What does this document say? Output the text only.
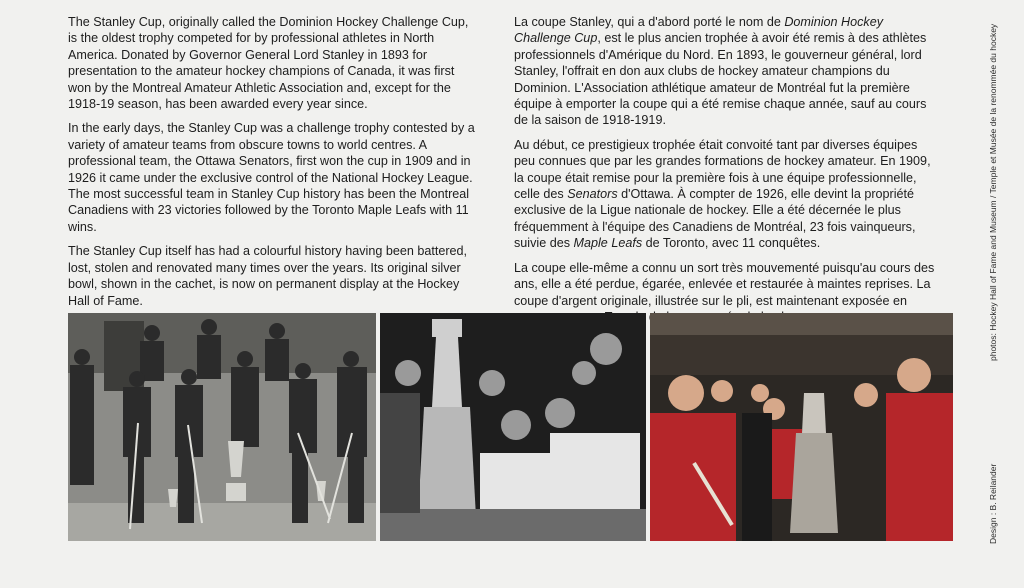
The Stanley Cup, originally called the Dominion Hockey Challenge Cup, is the oldest trophy competed for by professional athletes in North America. Donated by Governor General Lord Stanley in 1893 for presentation to the amateur hockey champions of Canada, it was first won by the Montreal Amateur Athletic Association and, except for the 1918-19 season, has been awarded every year since.

In the early days, the Stanley Cup was a challenge trophy contested by a variety of amateur teams from obscure towns to world centres. A professional team, the Ottawa Senators, first won the cup in 1909 and in 1926 it came under the exclusive control of the National Hockey League. The most successful team in Stanley Cup history has been the Montreal Canadiens with 23 victories followed by the Toronto Maple Leafs with 11 wins.

The Stanley Cup itself has had a colourful history having been battered, lost, stolen and renovated many times over the years. Its original silver bowl, shown in the cachet, is now on permanent display at the Hockey Hall of Fame.

La coupe Stanley, qui a d'abord porté le nom de Dominion Hockey Challenge Cup, est le plus ancien trophée à avoir été remis à des athlètes professionnels d'Amérique du Nord. En 1893, le gouverneur général, lord Stanley, l'offrait en don aux clubs de hockey amateur champions du Dominion. L'Association athlétique amateur de Montréal fut la première équipe à emporter la coupe qui a été remise chaque année, sauf au cours de la saison de 1918-1919.

Au début, ce prestigieux trophée était convoité tant par diverses équipes peu connues que par les grandes formations de hockey amateur. En 1909, la coupe était remise pour la première fois à une équipe professionnelle, celle des Senators d'Ottawa. À compter de 1926, elle devint la propriété exclusive de la Ligue nationale de hockey. Elle a été décernée le plus fréquemment à l'équipe des Canadiens de Montréal, 23 fois vainqueurs, suivie des Maple Leafs de Toronto, avec 11 conquêtes.

La coupe elle-même a connu un sort très mouvementé puisqu'au cours des ans, elle a été perdue, égarée, enlevée et restaurée à maintes reprises. La coupe d'argent originale, illustrée sur le pli, est maintenant exposée en

Design : B. Reilander
photos: Hockey Hall of Fame and Museum / Temple et Musée de la renommée du hockey
